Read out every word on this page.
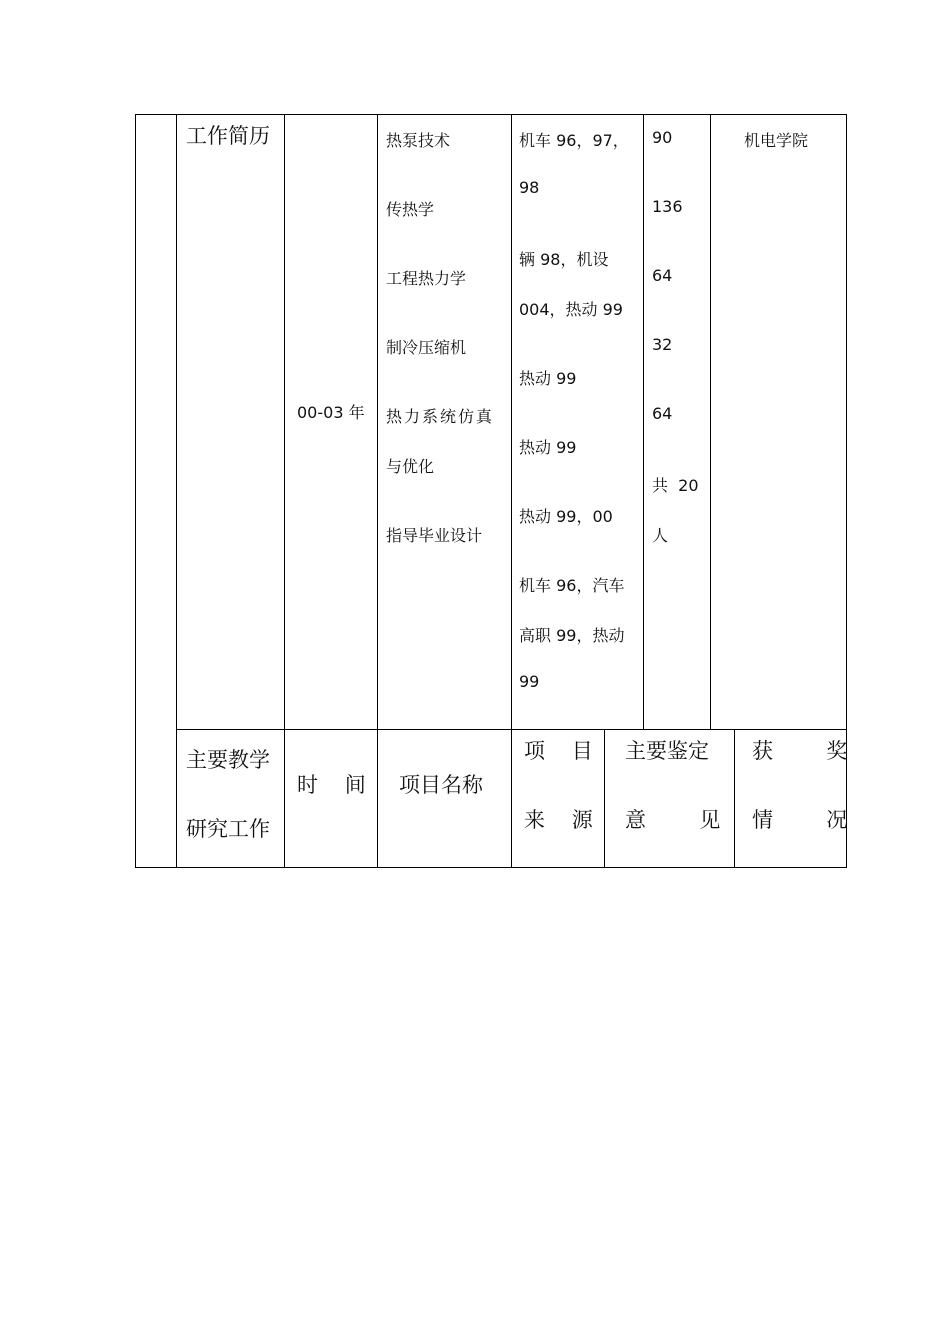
工作简历
00-03 年
热泵技术
传热学
工程热力学
制冷压缩机
热力系统仿真
与优化
指导毕业设计
机车 96，97，
98
辆 98，机设
004，热动 99
热动 99
热动 99
热动 99，00
机车 96，汽车
高职 99，热动
99
90
136
64
32
64
共  20
人
机电学院
主要教学
研究工作
时    间 项目名称
项    目
来    源
主要鉴定
意        见
获        奖
情        况
